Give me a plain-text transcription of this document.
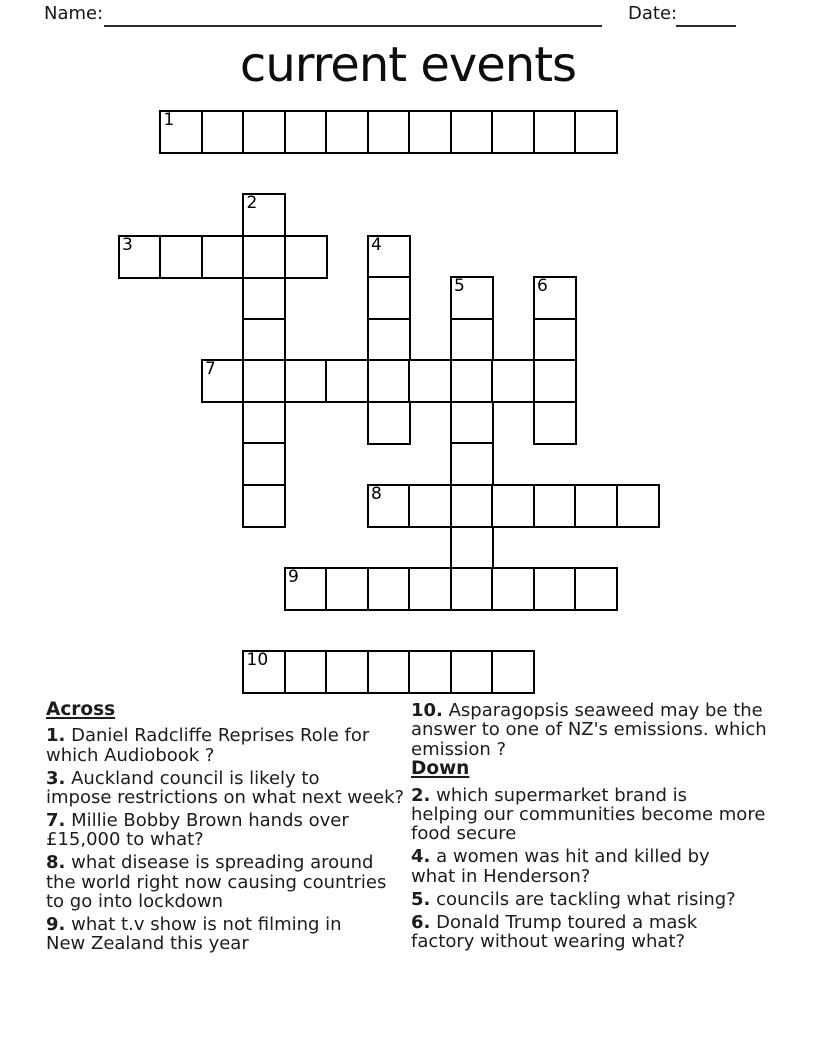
Name:	Date:
current events
1
2
3	4
5	6
7
8
9
10

Across

1. Daniel Radcliffe Reprises Role for
which Audiobook ?

3. Auckland council is likely to
impose restrictions on what next week?

7. Millie Bobby Brown hands over
£15,000 to what?

8. what disease is spreading around
the world right now causing countries
to go into lockdown

9. what t.v show is not filming in
New Zealand this year

10. Asparagopsis seaweed may be the
answer to one of NZ's emissions. which
emission ?

Down

2. which supermarket brand is
helping our communities become more
food secure

4. a women was hit and killed by
what in Henderson?

5. councils are tackling what rising?

6. Donald Trump toured a mask
factory without wearing what?
